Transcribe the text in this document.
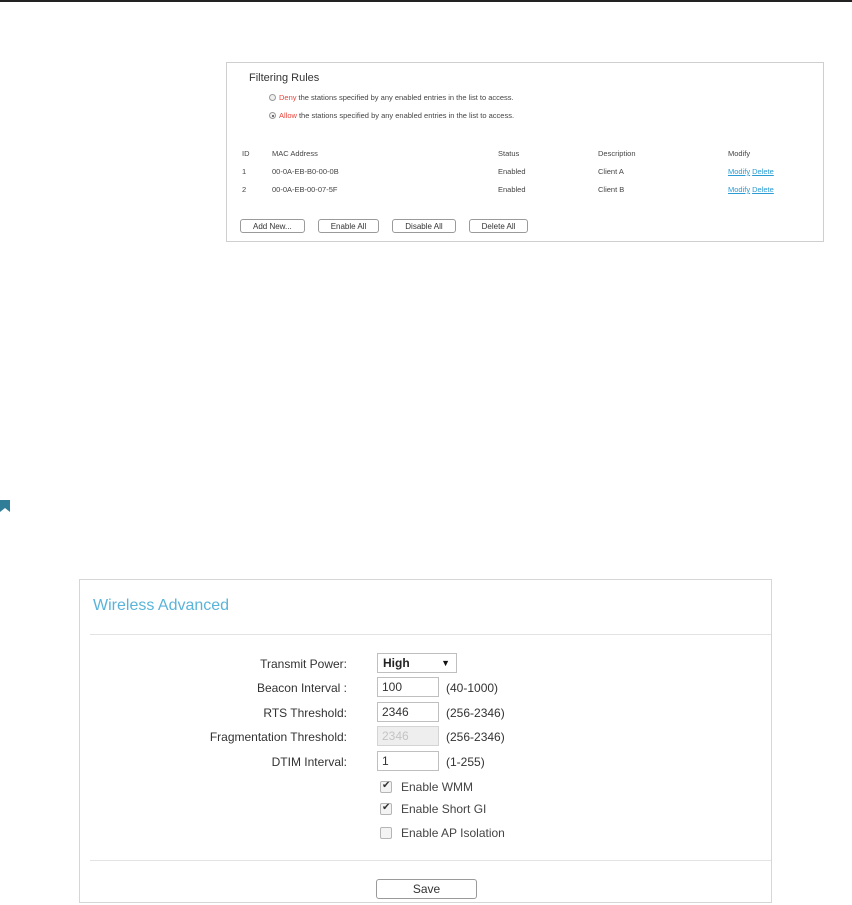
Filtering Rules
Deny the stations specified by any enabled entries in the list to access.
Allow the stations specified by any enabled entries in the list to access.
ID	MAC Address	Status	Description	Modify
1	00-0A-EB-B0-00-0B	Enabled	Client A	Modify Delete
2	00-0A-EB-00-07-5F	Enabled	Client B	Modify Delete
Add New...	Enable All	Disable All	Delete All
Wireless Advanced
Transmit Power:	High	▼
Beacon Interval :
100	(40-1000)
RTS Threshold:
2346	(256-2346)
Fragmentation Threshold:
2346	(256-2346)
DTIM Interval:
1	(1-255)
✔
Enable WMM
✔
Enable Short GI
Enable AP Isolation
Save
